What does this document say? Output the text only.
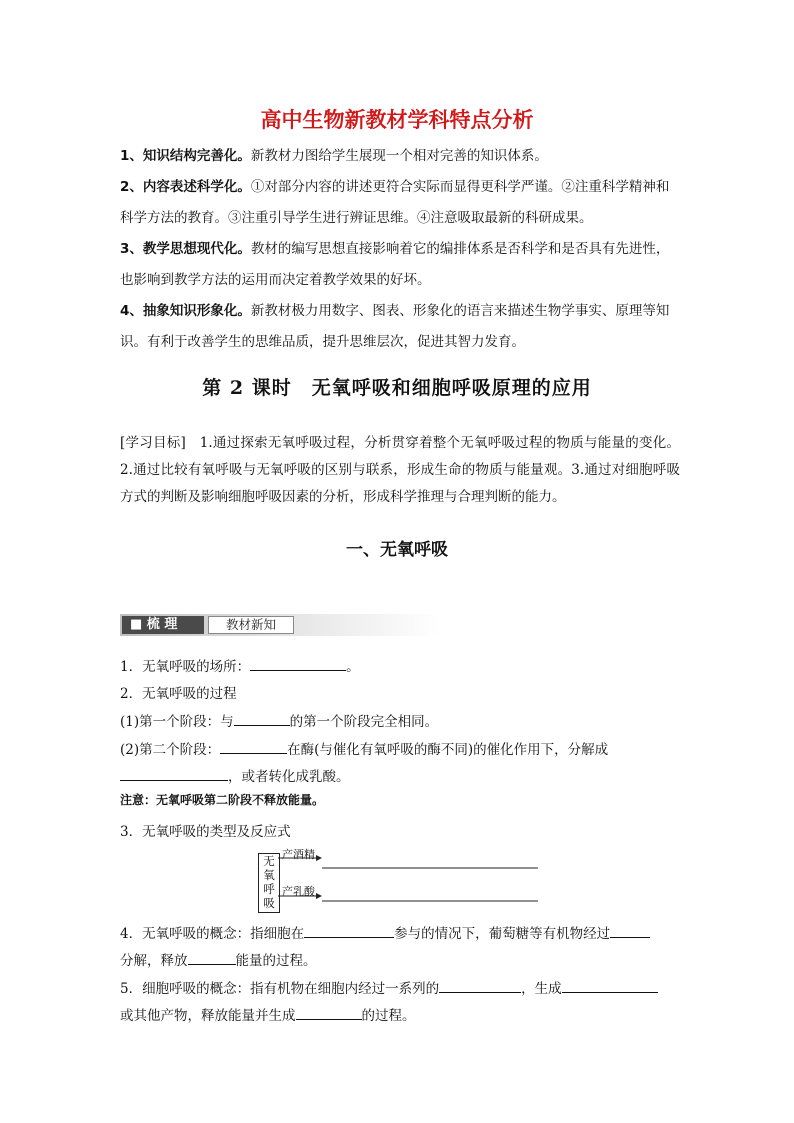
高中生物新教材学科特点分析
1、知识结构完善化。新教材力图给学生展现一个相对完善的知识体系。
2、内容表述科学化。①对部分内容的讲述更符合实际而显得更科学严谨。②注重科学精神和科学方法的教育。③注重引导学生进行辨证思维。④注意吸取最新的科研成果。
3、教学思想现代化。教材的编写思想直接影响着它的编排体系是否科学和是否具有先进性，也影响到教学方法的运用而决定着教学效果的好坏。
4、抽象知识形象化。新教材极力用数字、图表、形象化的语言来描述生物学事实、原理等知识。有利于改善学生的思维品质，提升思维层次，促进其智力发育。
第 2 课时　无氧呼吸和细胞呼吸原理的应用
[学习目标]　1.通过探索无氧呼吸过程，分析贯穿着整个无氧呼吸过程的物质与能量的变化。2.通过比较有氧呼吸与无氧呼吸的区别与联系，形成生命的物质与能量观。3.通过对细胞呼吸方式的判断及影响细胞呼吸因素的分析，形成科学推理与合理判断的能力。
一、无氧呼吸
■ 梳 理	教材新知
1．无氧呼吸的场所：	。
2．无氧呼吸的过程
(1)第一个阶段：与	的第一个阶段完全相同。
(2)第二个阶段：	在酶(与催化有氧呼吸的酶不同)的催化作用下，分解成
，或者转化成乳酸。
注意：无氧呼吸第二阶段不释放能量。
3．无氧呼吸的类型及反应式
无氧呼吸
产酒精
产乳酸
4．无氧呼吸的概念：指细胞在	参与的情况下，葡萄糖等有机物经过
分解，释放	能量的过程。
5．细胞呼吸的概念：指有机物在细胞内经过一系列的	，生成
或其他产物，释放能量并生成	的过程。
